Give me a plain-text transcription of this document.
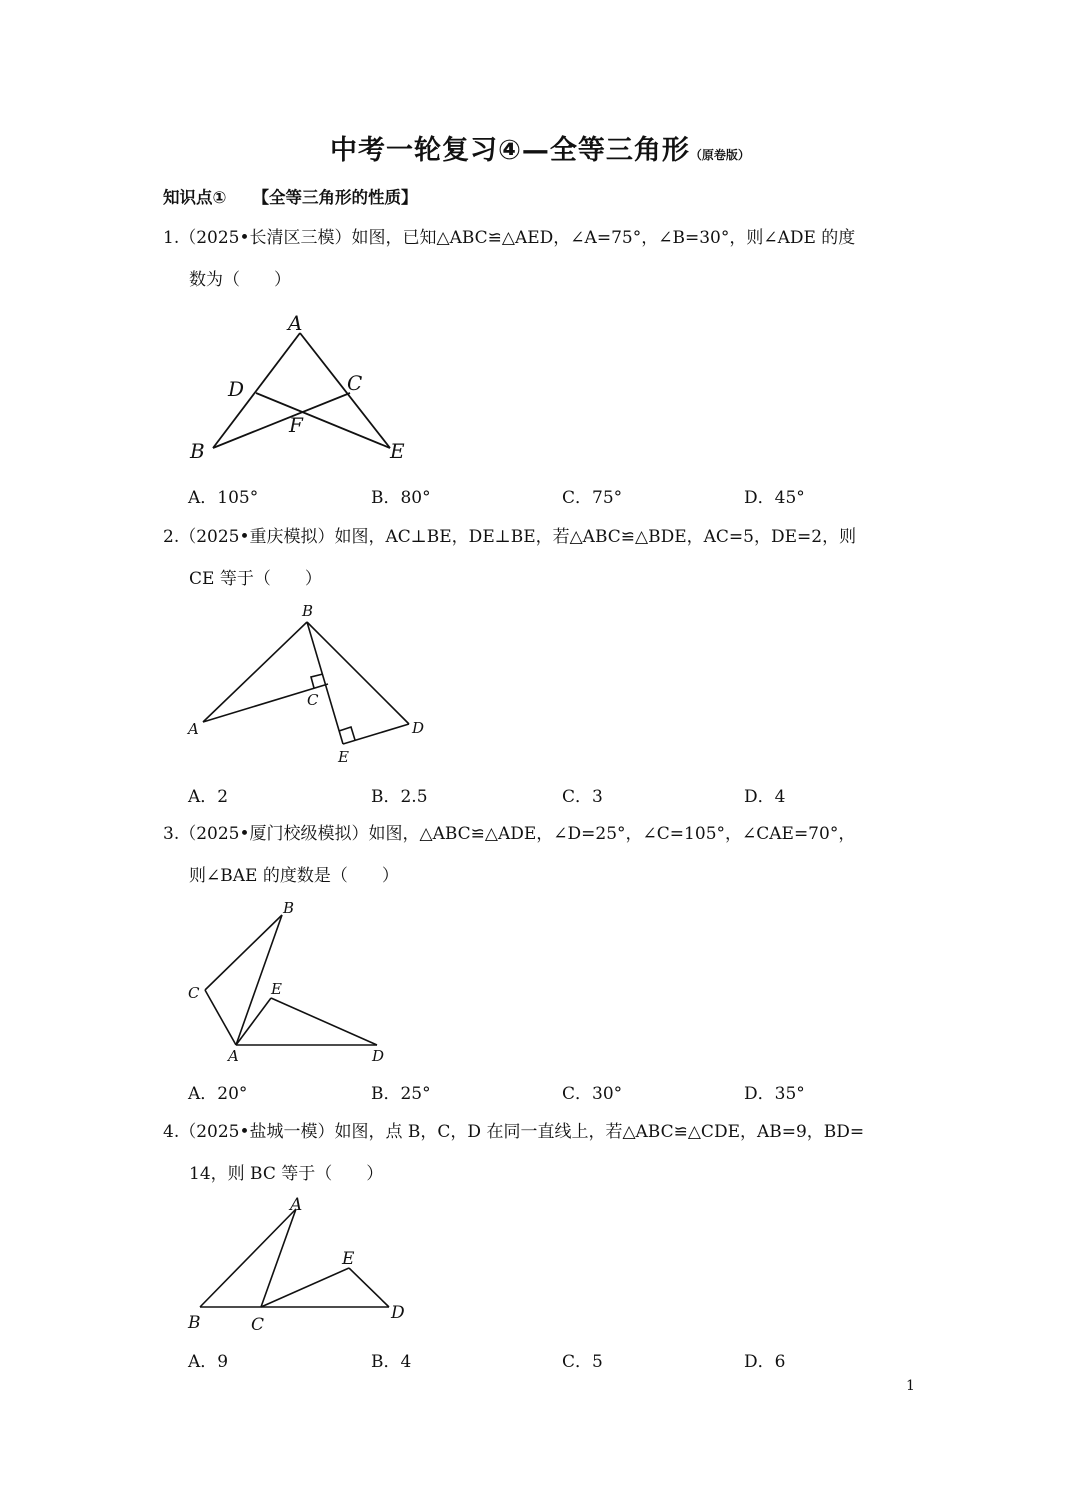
中考一轮复习④—全等三角形（原卷版）
知识点① 【全等三角形的性质】
1.（2025•长清区三模）如图，已知△ABC≌△AED，∠A=75°，∠B=30°，则∠ADE 的度
数为（　　）
A
B
C
D
E
F
A．105°	B．80°	C．75°	D．45°
2.（2025•重庆模拟）如图，AC⊥BE，DE⊥BE，若△ABC≌△BDE，AC=5，DE=2，则
CE 等于（　　）
A
B
C
D
E
A．2	B．2.5	C．3	D．4
3.（2025•厦门校级模拟）如图，△ABC≌△ADE，∠D=25°，∠C=105°，∠CAE=70°，
则∠BAE 的度数是（　　）
A
B
C
D
E
A．20°	B．25°	C．30°	D．35°
4.（2025•盐城一模）如图，点 B，C，D 在同一直线上，若△ABC≌△CDE，AB=9，BD=
14，则 BC 等于（　　）
A
B	C
D
E
A．9	B．4	C．5	D．6
1
